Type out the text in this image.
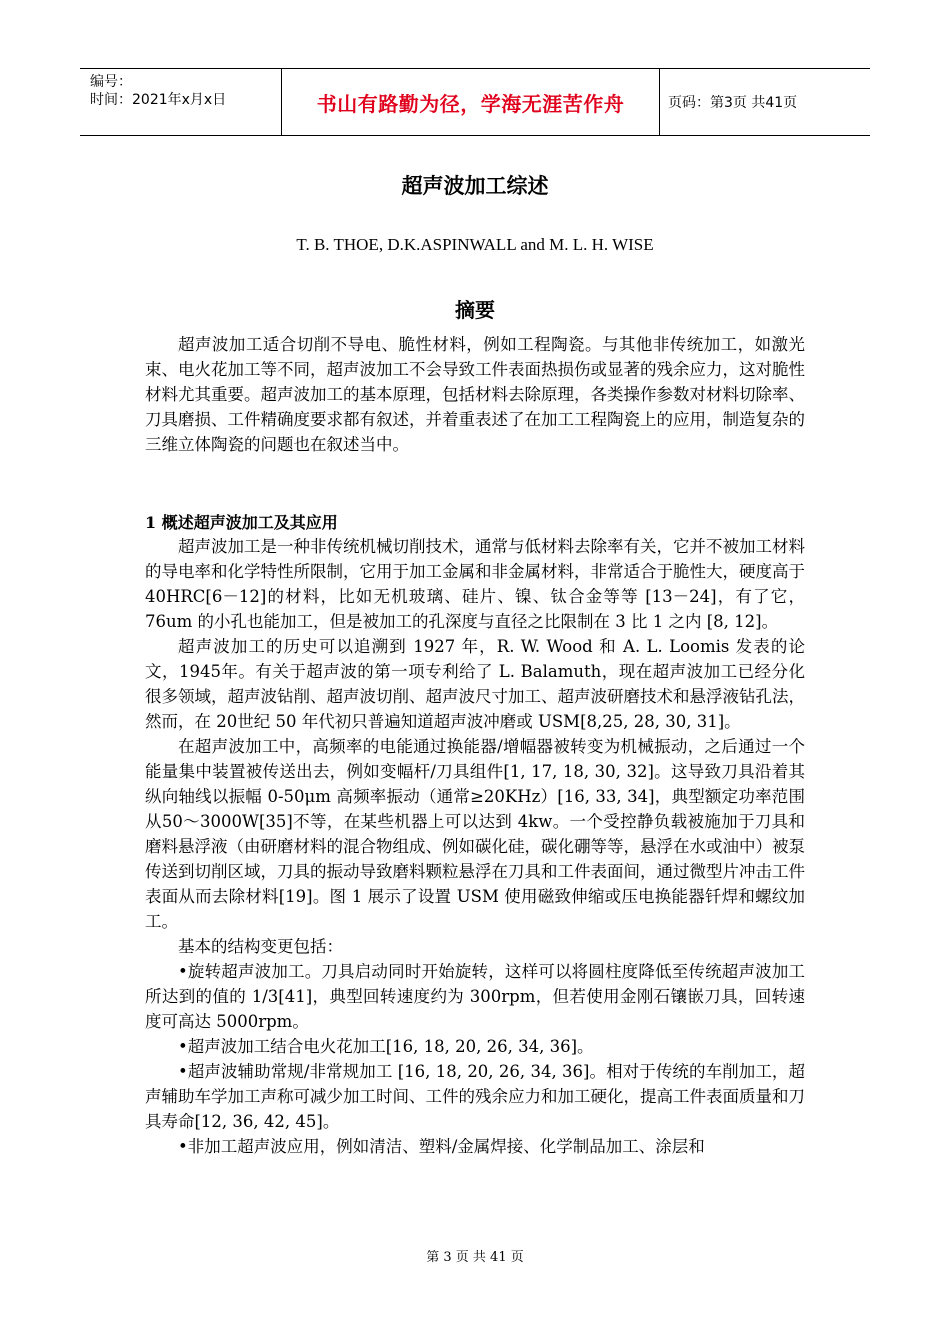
编号：
时间：2021年x月x日	书山有路勤为径，学海无涯苦作舟	页码：第3页 共41页
超声波加工综述
T. B. THOE, D.K.ASPINWALL and M. L. H. WISE
摘要

超声波加工适合切削不导电、脆性材料，例如工程陶瓷。与其他非传统加工，如激光束、电火花加工等不同，超声波加工不会导致工件表面热损伤或显著的残余应力，这对脆性材料尤其重要。超声波加工的基本原理，包括材料去除原理，各类操作参数对材料切除率、刀具磨损、工件精确度要求都有叙述，并着重表述了在加工工程陶瓷上的应用，制造复杂的三维立体陶瓷的问题也在叙述当中。

1 概述超声波加工及其应用

超声波加工是一种非传统机械切削技术，通常与低材料去除率有关，它并不被加工材料的导电率和化学特性所限制，它用于加工金属和非金属材料，非常适合于脆性大，硬度高于40HRC[6－12]的材料，比如无机玻璃、硅片、镍、钛合金等等 [13－24]，有了它，76um 的小孔也能加工，但是被加工的孔深度与直径之比限制在 3 比 1 之内 [8, 12]。

超声波加工的历史可以追溯到 1927 年，R. W. Wood 和 A. L. Loomis 发表的论文，1945年。有关于超声波的第一项专利给了 L. Balamuth，现在超声波加工已经分化很多领域，超声波钻削、超声波切削、超声波尺寸加工、超声波研磨技术和悬浮液钻孔法，然而，在 20世纪 50 年代初只普遍知道超声波冲磨或 USM[8,25, 28, 30, 31]。

在超声波加工中，高频率的电能通过换能器/增幅器被转变为机械振动，之后通过一个能量集中装置被传送出去，例如变幅杆/刀具组件[1, 17, 18, 30, 32]。这导致刀具沿着其纵向轴线以振幅 0-50μm 高频率振动（通常≥20KHz）[16, 33, 34]，典型额定功率范围从50～3000W[35]不等，在某些机器上可以达到 4kw。一个受控静负载被施加于刀具和磨料悬浮液（由研磨材料的混合物组成、例如碳化硅，碳化硼等等，悬浮在水或油中）被泵传送到切削区域，刀具的振动导致磨料颗粒悬浮在刀具和工件表面间，通过微型片冲击工件表面从而去除材料[19]。图 1 展示了设置 USM 使用磁致伸缩或压电换能器钎焊和螺纹加工。

基本的结构变更包括：

•旋转超声波加工。刀具启动同时开始旋转，这样可以将圆柱度降低至传统超声波加工所达到的值的 1/3[41]，典型回转速度约为 300rpm，但若使用金刚石镶嵌刀具，回转速度可高达 5000rpm。

•超声波加工结合电火花加工[16, 18, 20, 26, 34, 36]。

•超声波辅助常规/非常规加工 [16, 18, 20, 26, 34, 36]。相对于传统的车削加工，超声辅助车学加工声称可减少加工时间、工件的残余应力和加工硬化，提高工件表面质量和刀具寿命[12, 36, 42, 45]。

•非加工超声波应用，例如清洁、塑料/金属焊接、化学制品加工、涂层和

第 3 页 共 41 页
